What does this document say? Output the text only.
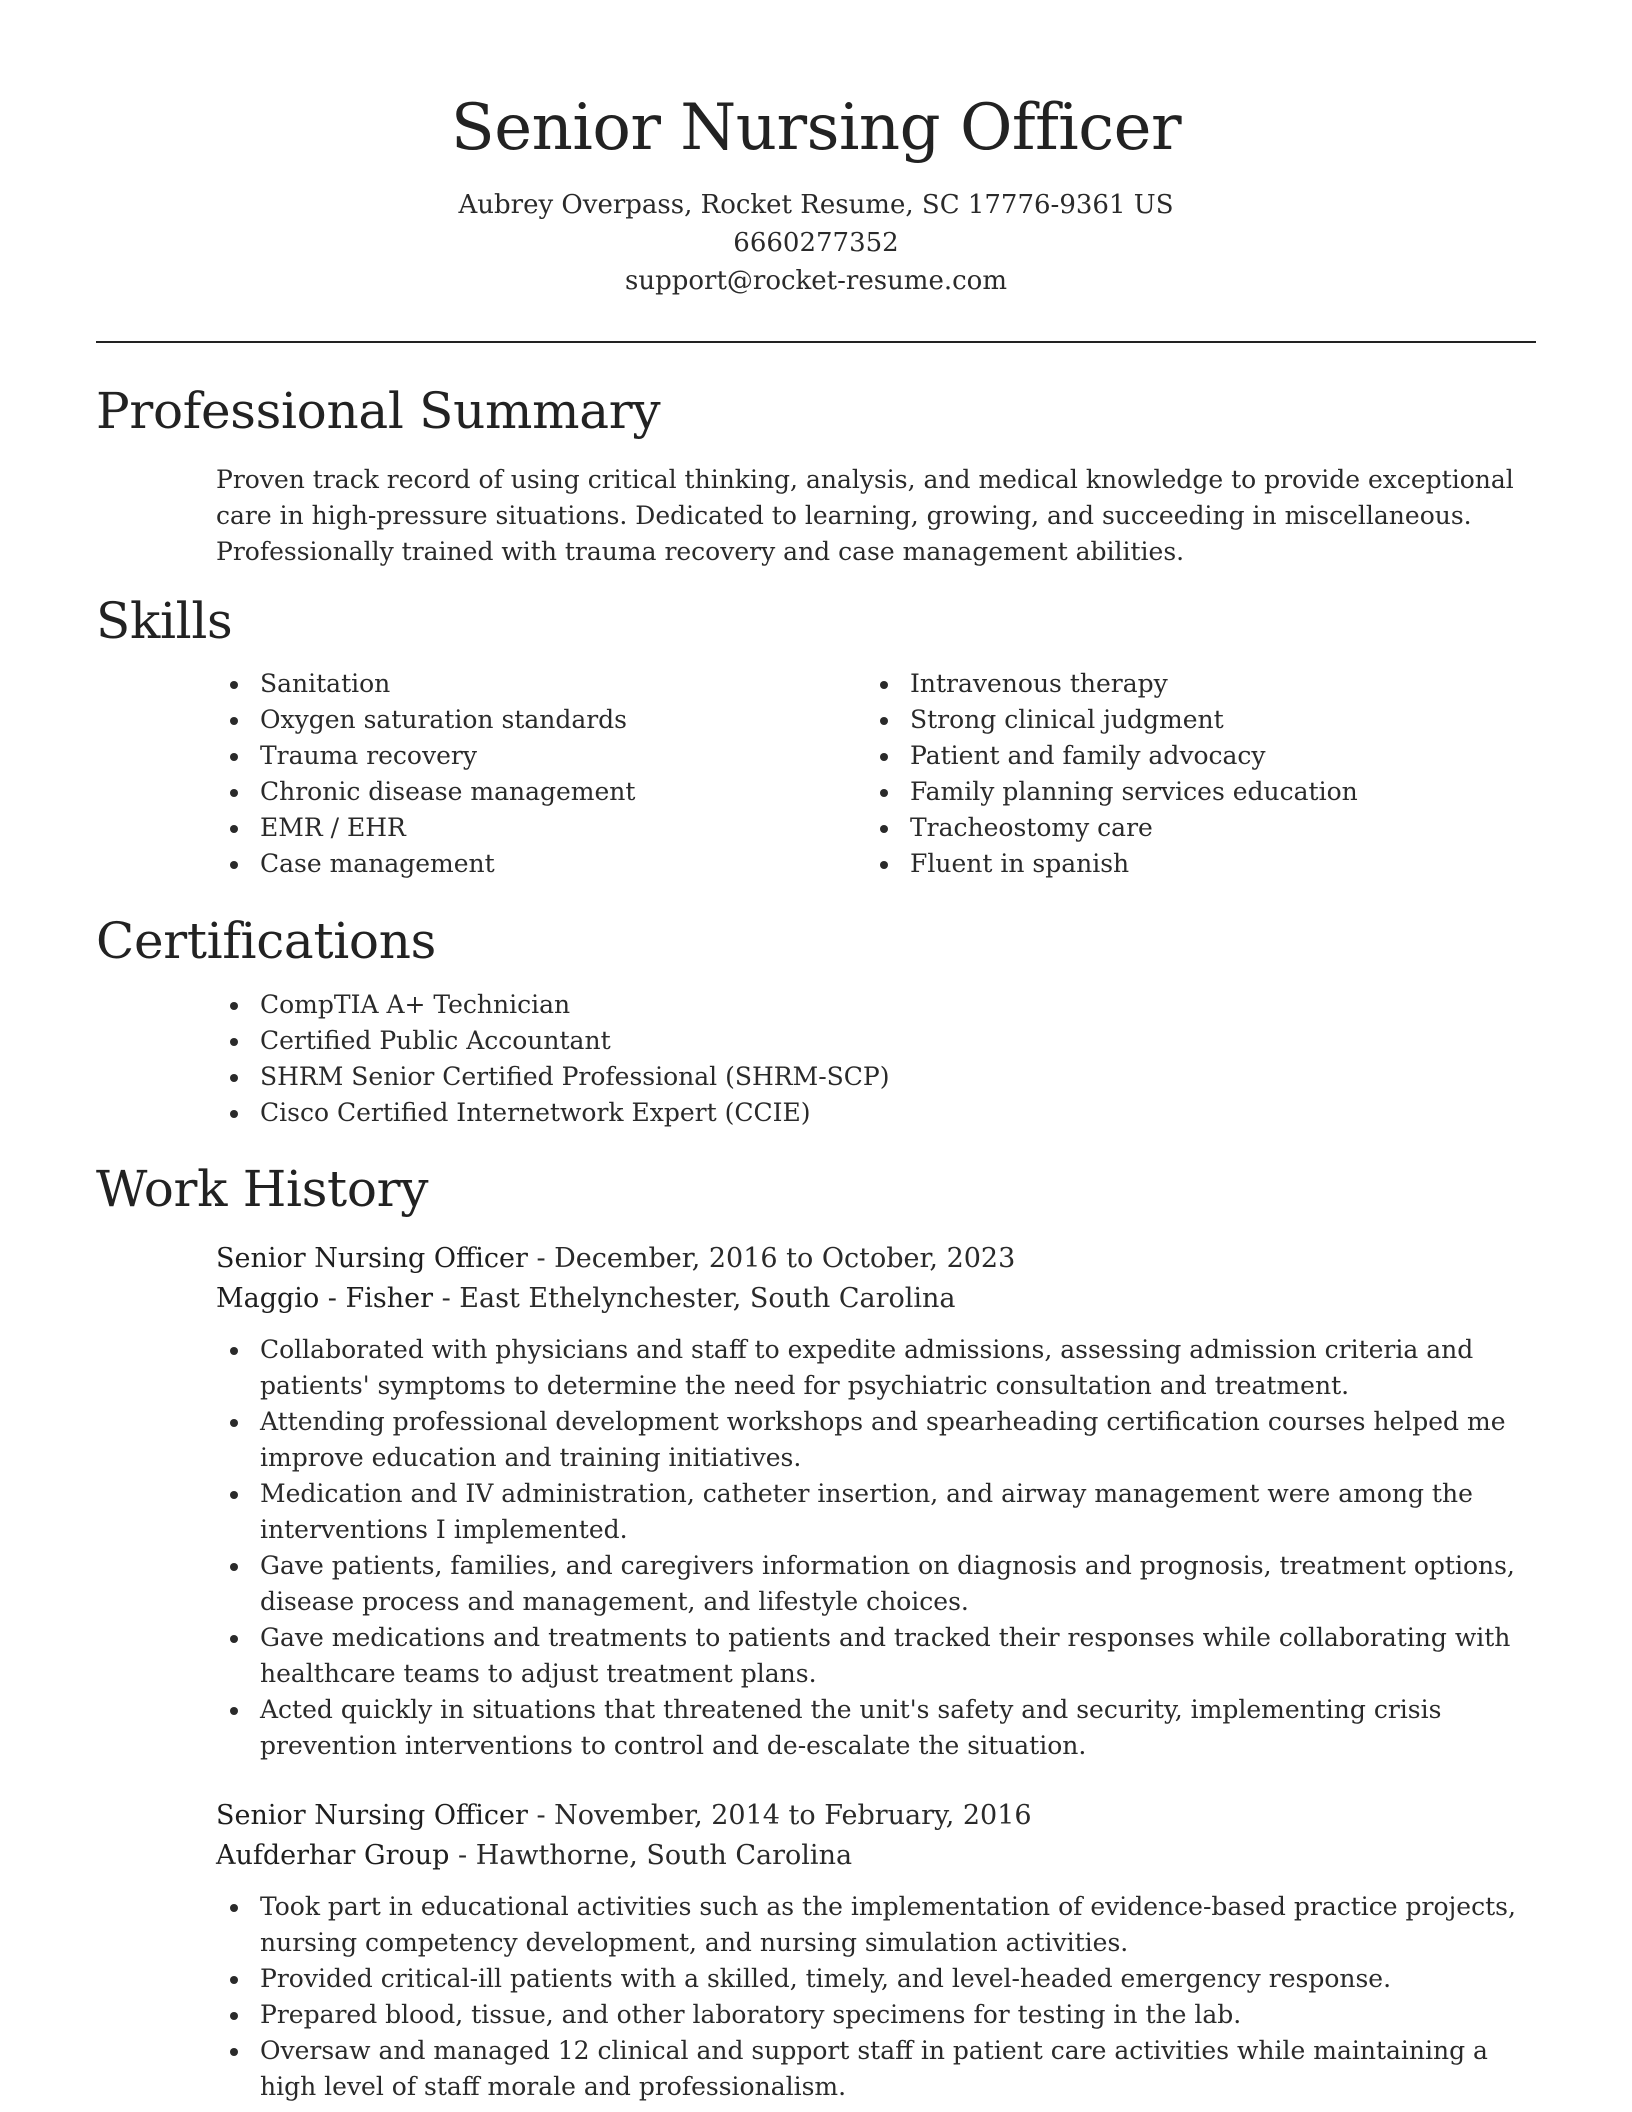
Senior Nursing Officer
Aubrey Overpass, Rocket Resume, SC 17776-9361 US
6660277352
support@rocket-resume.com
Professional Summary

Proven track record of using critical thinking, analysis, and medical knowledge to provide exceptional care in high-pressure situations. Dedicated to learning, growing, and succeeding in miscellaneous. Professionally trained with trauma recovery and case management abilities.

Skills
Sanitation
Oxygen saturation standards
Trauma recovery
Chronic disease management
EMR / EHR
Case management
Intravenous therapy
Strong clinical judgment
Patient and family advocacy
Family planning services education
Tracheostomy care
Fluent in spanish
Certifications
CompTIA A+ Technician
Certified Public Accountant
SHRM Senior Certified Professional (SHRM-SCP)
Cisco Certified Internetwork Expert (CCIE)
Work History
Senior Nursing Officer - December, 2016 to October, 2023
Maggio - Fisher - East Ethelynchester, South Carolina
Collaborated with physicians and staff to expedite admissions, assessing admission criteria and patients' symptoms to determine the need for psychiatric consultation and treatment.
Attending professional development workshops and spearheading certification courses helped me improve education and training initiatives.
Medication and IV administration, catheter insertion, and airway management were among the interventions I implemented.
Gave patients, families, and caregivers information on diagnosis and prognosis, treatment options, disease process and management, and lifestyle choices.
Gave medications and treatments to patients and tracked their responses while collaborating with healthcare teams to adjust treatment plans.
Acted quickly in situations that threatened the unit's safety and security, implementing crisis prevention interventions to control and de-escalate the situation.
Senior Nursing Officer - November, 2014 to February, 2016
Aufderhar Group - Hawthorne, South Carolina
Took part in educational activities such as the implementation of evidence-based practice projects, nursing competency development, and nursing simulation activities.
Provided critical-ill patients with a skilled, timely, and level-headed emergency response.
Prepared blood, tissue, and other laboratory specimens for testing in the lab.
Oversaw and managed 12 clinical and support staff in patient care activities while maintaining a high level of staff morale and professionalism.
